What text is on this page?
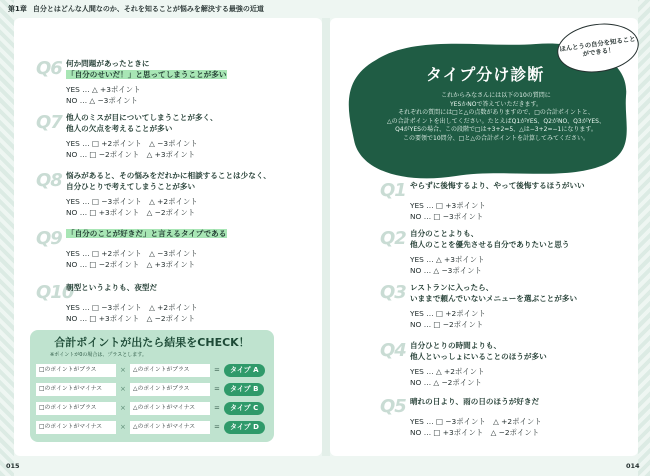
第1章 自分とはどんな人間なのか、それを知ることが悩みを解決する最強の近道
Q6 何か問題があったときに
「自分のせいだ！」と思ってしまうことが多い
YES … △ +3ポイント
NO … △ −3ポイント
Q7 他人のミスが目についてしまうことが多く、
他人の欠点を考えることが多い
YES … □ +2ポイント　△ −3ポイント
NO … □ −2ポイント　△ +3ポイント
Q8 悩みがあると、その悩みをだれかに相談することは少なく、
自分ひとりで考えてしまうことが多い
YES … □ −3ポイント　△ +2ポイント
NO … □ +3ポイント　△ −2ポイント
Q9 「自分のことが好きだ」と言えるタイプである
YES … □ +2ポイント　△ −3ポイント
NO … □ −2ポイント　△ +3ポイント
Q10
朝型というよりも、夜型だ
YES … □ −3ポイント　△ +2ポイント
NO … □ +3ポイント　△ −2ポイント
合計ポイントが出たら結果をCHECK！
※ポイントが0の場合は、プラスとします。
□のポイントがプラス	×	△のポイントがプラス	=	タイプ A
□のポイントがマイナス	×	△のポイントがプラス	=	タイプ B
□のポイントがプラス	×	△のポイントがマイナス	=	タイプ C
□のポイントがマイナス	×	△のポイントがマイナス	=	タイプ D
ほんとうの自分を知ることができる！
タイプ分け診断
これからみなさんには以下の10の質問に
YESかNOで答えていただきます。
それぞれの質問には□と△の点数がありますので、□の合計ポイントと、
△の合計ポイントを出してください。たとえばQ1がYES、Q2がNO、Q3がYES、
Q4がYESの場合、この段階で□は+3+2=5、△は−3+2=−1になります。
この要領で10問分、□と△の合計ポイントを計算してみてください。
Q1 やらずに後悔するより、やって後悔するほうがいい
YES … □ +3ポイント
NO … □ −3ポイント
Q2 自分のことよりも、
他人のことを優先させる自分でありたいと思う
YES … △ +3ポイント
NO … △ −3ポイント
Q3 レストランに入ったら、
いままで頼んでいないメニューを選ぶことが多い
YES … □ +2ポイント
NO … □ −2ポイント
Q4 自分ひとりの時間よりも、
他人といっしょにいることのほうが多い
YES … △ +2ポイント
NO … △ −2ポイント
Q5 晴れの日より、雨の日のほうが好きだ
YES … □ −3ポイント　△ +2ポイント
NO … □ +3ポイント　△ −2ポイント
015	014
